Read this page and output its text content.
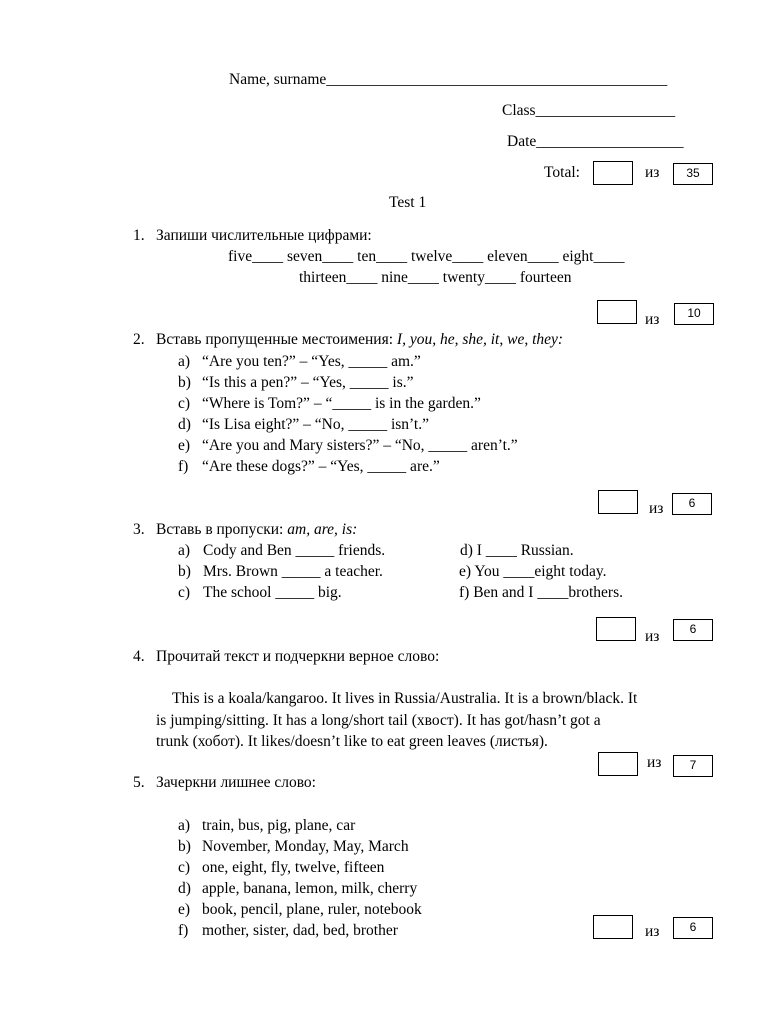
Name, surname____________________________________________
Class__________________
Date___________________
Total:	из	35
Test 1
1. Запиши числительные цифрами:
five____ seven____ ten____ twelve____ eleven____ eight____
thirteen____ nine____ twenty____ fourteen
из	10
2. Вставь пропущенные местоимения: I, you, he, she, it, we, they:
a) “Are you ten?” – “Yes, _____ am.”
b) “Is this a pen?” – “Yes, _____ is.”
c) “Where is Tom?” – “_____ is in the garden.”
d) “Is Lisa eight?” – “No, _____ isn’t.”
e) “Are you and Mary sisters?” – “No, _____ aren’t.”
f) “Are these dogs?” – “Yes, _____ are.”
из	6
3. Вставь в пропуски: am, are, is:
a) Cody and Ben _____ friends.
b) Mrs. Brown _____ a teacher.
c) The school _____ big.
d) I ____ Russian.
e) You ____eight today.
f) Ben and I ____brothers.
из	6
4. Прочитай текст и подчеркни верное слово:
This is a koala/kangaroo. It lives in Russia/Australia. It is a brown/black. It
is jumping/sitting. It has a long/short tail (хвост). It has got/hasn’t got a
trunk (хобот). It likes/doesn’t like to eat green leaves (листья).
из	7
5. Зачеркни лишнее слово:
a) train, bus, pig, plane, car
b) November, Monday, May, March
c) one, eight, fly, twelve, fifteen
d) apple, banana, lemon, milk, cherry
e) book, pencil, plane, ruler, notebook
f) mother, sister, dad, bed, brother	из	6
